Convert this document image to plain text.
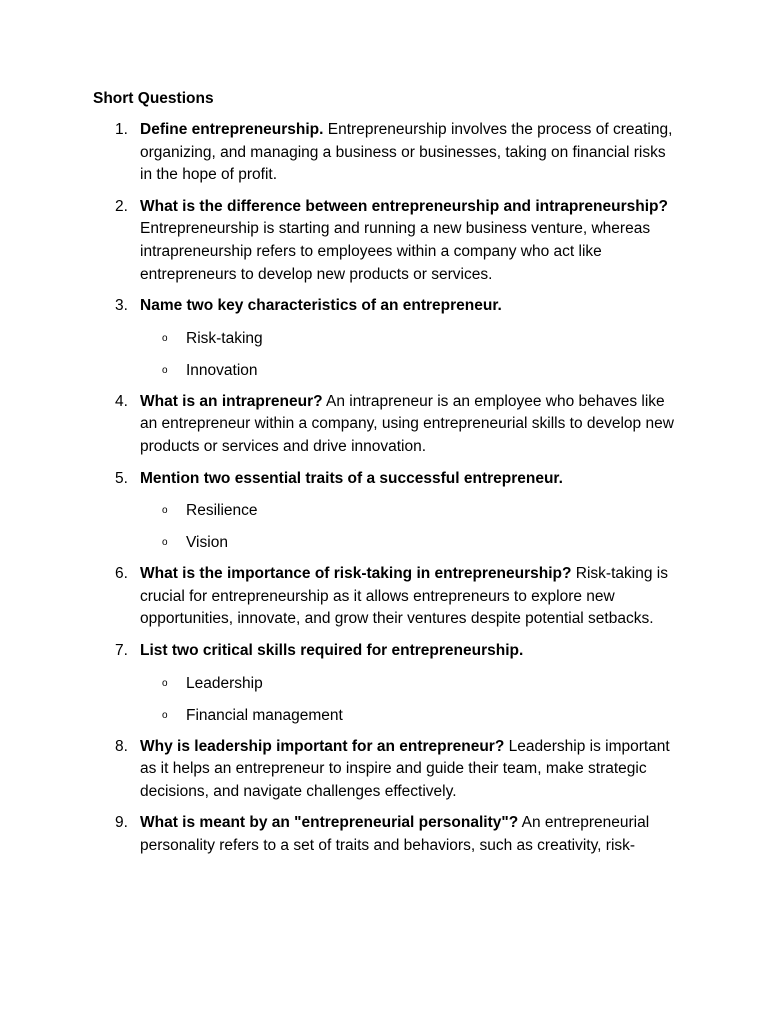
Short Questions

1. Define entrepreneurship. Entrepreneurship involves the process of creating, organizing, and managing a business or businesses, taking on financial risks in the hope of profit.
2. What is the difference between entrepreneurship and intrapreneurship? Entrepreneurship is starting and running a new business venture, whereas intrapreneurship refers to employees within a company who act like entrepreneurs to develop new products or services.
3. Name two key characteristics of an entrepreneur.
o Risk-taking
o Innovation
4. What is an intrapreneur? An intrapreneur is an employee who behaves like an entrepreneur within a company, using entrepreneurial skills to develop new products or services and drive innovation.
5. Mention two essential traits of a successful entrepreneur.
o Resilience
o Vision
6. What is the importance of risk-taking in entrepreneurship? Risk-taking is crucial for entrepreneurship as it allows entrepreneurs to explore new opportunities, innovate, and grow their ventures despite potential setbacks.
7. List two critical skills required for entrepreneurship.
o Leadership
o Financial management
8. Why is leadership important for an entrepreneur? Leadership is important as it helps an entrepreneur to inspire and guide their team, make strategic decisions, and navigate challenges effectively.
9. What is meant by an "entrepreneurial personality"? An entrepreneurial personality refers to a set of traits and behaviors, such as creativity, risk-
